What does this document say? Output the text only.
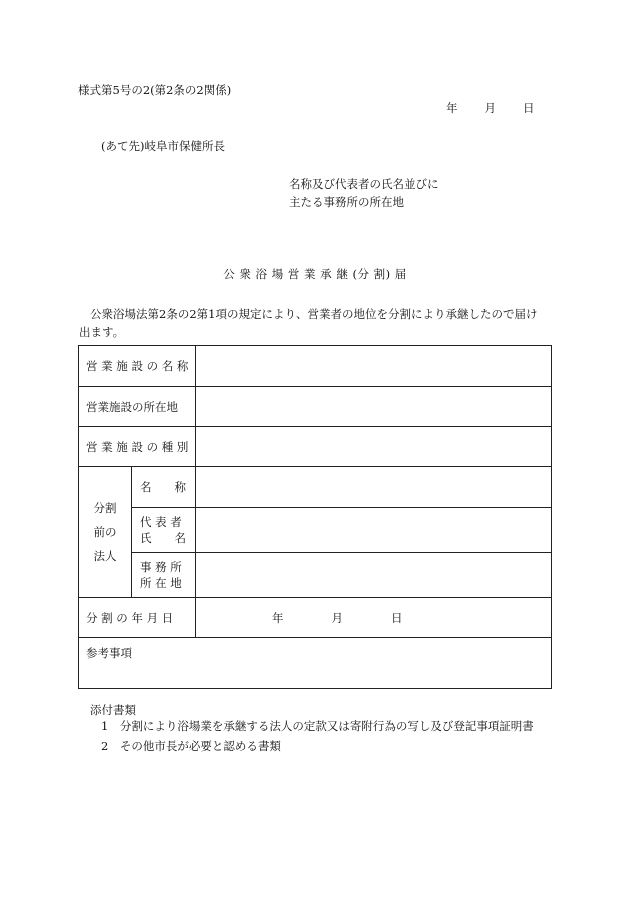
様式第5号の2(第2条の2関係)
年 月 日
(あて先)岐阜市保健所長
名称及び代表者の氏名並びに
主たる事務所の所在地
公 衆 浴 場 営 業 承 継 (分 割) 届
公衆浴場法第2条の2第1項の規定により、営業者の地位を分割により承継したので届け
出ます。
営 業 施 設 の 名 称		
営業施設の所在地		
営 業 施 設 の 種 別		

分割
前の
法人	名　　称	

	代 表 者
氏　　名	

	事 務 所
所 在 地	

分 割 の 年 月 日		年 月 日
参考事項		
添付書類
1　分割により浴場業を承継する法人の定款又は寄附行為の写し及び登記事項証明書
2　その他市長が必要と認める書類
